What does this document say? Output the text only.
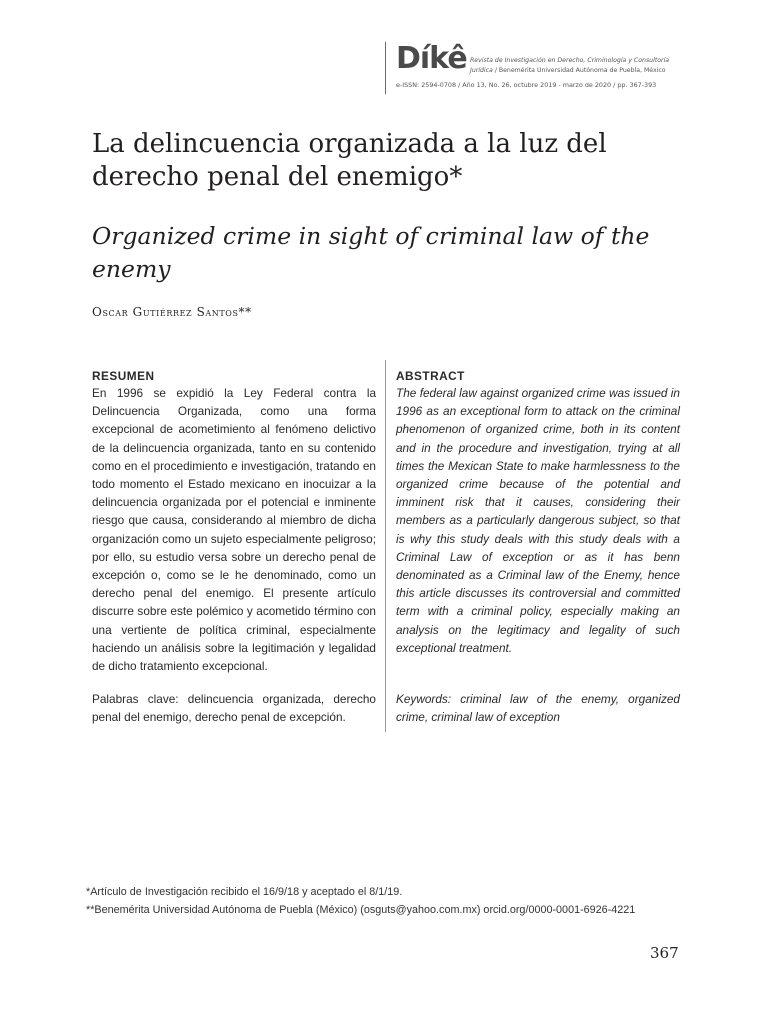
Díkê Revista de Investigación en Derecho, Criminología y Consultoría Jurídica / Benemérita Universidad Autónoma de Puebla, México
e-ISSN: 2594-0708 / Año 13, No. 26, octubre 2019 - marzo de 2020 / pp. 367-393
La delincuencia organizada a la luz del derecho penal del enemigo*
Organized crime in sight of criminal law of the enemy
Oscar Gutiérrez Santos**
RESUMEN

En 1996 se expidió la Ley Federal contra la Delincuencia Organizada, como una forma excepcional de acometimiento al fenómeno delictivo de la delincuencia organizada, tanto en su contenido como en el procedimiento e investigación, tratando en todo momento el Estado mexicano en inocuizar a la delincuencia organizada por el potencial e inminente riesgo que causa, considerando al miembro de dicha organización como un sujeto especialmente peligroso; por ello, su estudio versa sobre un derecho penal de excepción o, como se le he denominado, como un derecho penal del enemigo. El presente artículo discurre sobre este polémico y acometido término con una vertiente de política criminal, especialmente haciendo un análisis sobre la legitimación y legalidad de dicho tratamiento excepcional.

Palabras clave: delincuencia organizada, derecho penal del enemigo, derecho penal de excepción.
ABSTRACT

The federal law against organized crime was issued in 1996 as an exceptional form to attack on the criminal phenomenon of organized crime, both in its content and in the procedure and investigation, trying at all times the Mexican State to make harmlessness to the organized crime because of the potential and imminent risk that it causes, considering their members as a particularly dangerous subject, so that is why this study deals with this study deals with a Criminal Law of exception or as it has benn denominated as a Criminal law of the Enemy, hence this article discusses its controversial and committed term with a criminal policy, especially making an analysis on the legitimacy and legality of such exceptional treatment.

Keywords: criminal law of the enemy, organized crime, criminal law of exception
*Artículo de Investigación recibido el 16/9/18 y aceptado el 8/1/19.
**Benemérita Universidad Autónoma de Puebla (México) (osguts@yahoo.com.mx) orcid.org/0000-0001-6926-4221
367
